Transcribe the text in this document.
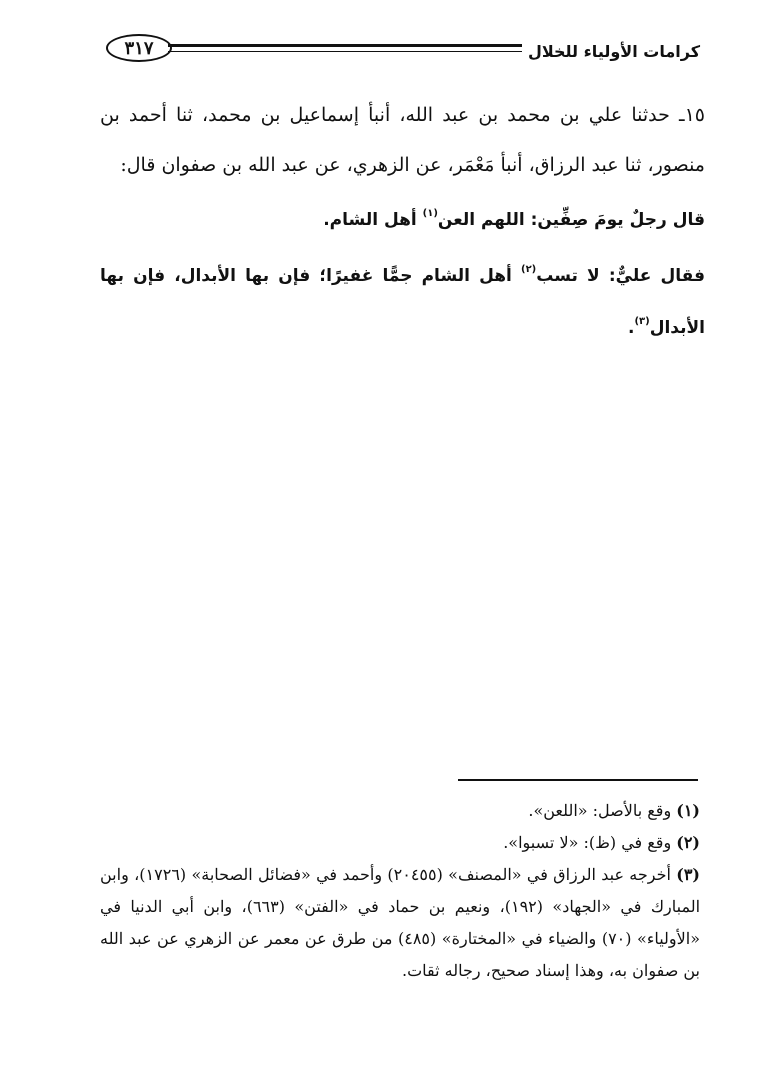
كرامات الأولياء للخلال
٣١٧

١٥ـ حدثنا علي بن محمد بن عبد الله، أنبأ إسماعيل بن محمد، ثنا أحمد بن منصور، ثنا عبد الرزاق، أنبأ مَعْمَر، عن الزهري، عن عبد الله بن صفوان قال:

قال رجلٌ يومَ صِفِّين: اللهم العن$^{(١)}$ أهل الشام.

فقال عليٌّ: لا تسب$^{(٢)}$ أهل الشام جمًّا غفيرًا؛ فإن بها الأبدال، فإن بها الأبدال$^{(٣)}$.

(١) وقع بالأصل: «اللعن».

(٢) وقع في (ظ): «لا تسبوا».

(٣) أخرجه عبد الرزاق في «المصنف» (٢٠٤٥٥) وأحمد في «فضائل الصحابة» (١٧٢٦)، وابن المبارك في «الجهاد» (١٩٢)، ونعيم بن حماد في «الفتن» (٦٦٣)، وابن أبي الدنيا في «الأولياء» (٧٠) والضياء في «المختارة» (٤٨٥) من طرق عن معمر عن الزهري عن عبد الله بن صفوان به، وهذا إسناد صحيح، رجاله ثقات.
